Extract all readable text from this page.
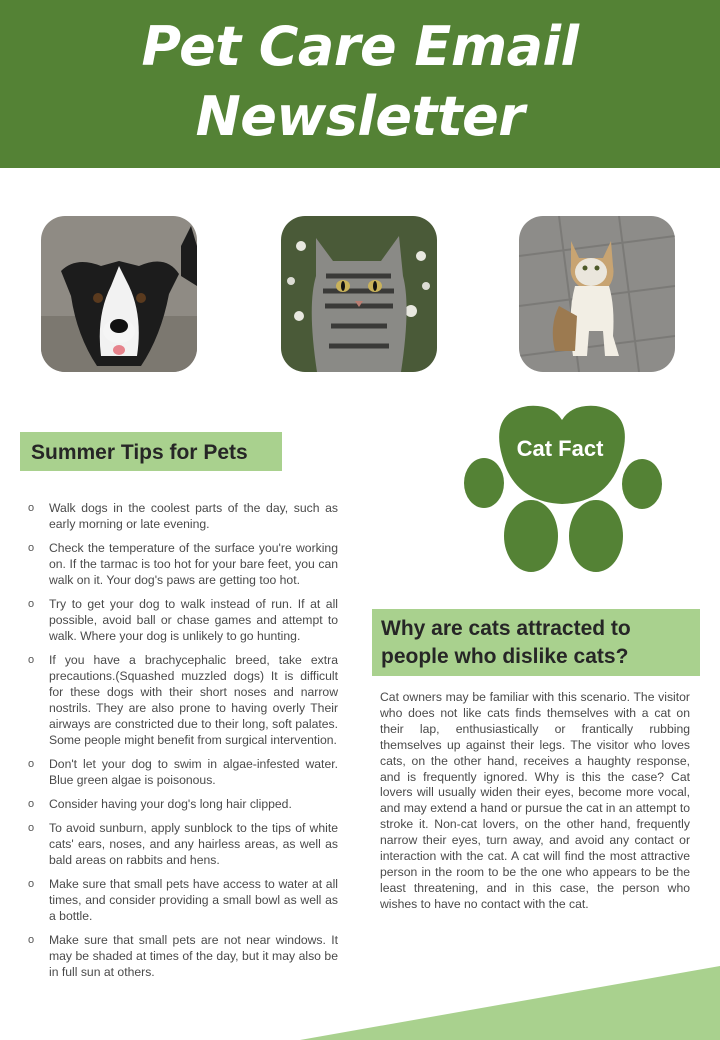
Pet Care Email Newsletter
Summer Tips for Pets
o Walk dogs in the coolest parts of the day, such as early morning or late evening.
o Check the temperature of the surface you're working on. If the tarmac is too hot for your bare feet, you can walk on it. Your dog's paws are getting too hot.
o Try to get your dog to walk instead of run. If at all possible, avoid ball or chase games and attempt to walk. Where your dog is unlikely to go hunting.
o If you have a brachycephalic breed, take extra precautions.(Squashed muzzled dogs) It is difficult for these dogs with their short noses and narrow nostrils. They are also prone to having overly Their airways are constricted due to their long, soft palates. Some people might benefit from surgical intervention.
o Don't let your dog to swim in algae-infested water. Blue green algae is poisonous.
o Consider having your dog's long hair clipped.
o To avoid sunburn, apply sunblock to the tips of white cats' ears, noses, and any hairless areas, as well as bald areas on rabbits and hens.
o Make sure that small pets have access to water at all times, and consider providing a small bowl as well as a bottle.
o Make sure that small pets are not near windows. It may be shaded at times of the day, but it may also be in full sun at others.
Cat Fact
Why are cats attracted to people who dislike cats?

Cat owners may be familiar with this scenario. The visitor who does not like cats finds themselves with a cat on their lap, enthusiastically or frantically rubbing themselves up against their legs. The visitor who loves cats, on the other hand, receives a haughty response, and is frequently ignored. Why is this the case? Cat lovers will usually widen their eyes, become more vocal, and may extend a hand or pursue the cat in an attempt to stroke it. Non-cat lovers, on the other hand, frequently narrow their eyes, turn away, and avoid any contact or interaction with the cat. A cat will find the most attractive person in the room to be the one who appears to be the least threatening, and in this case, the person who wishes to have no contact with the cat.
